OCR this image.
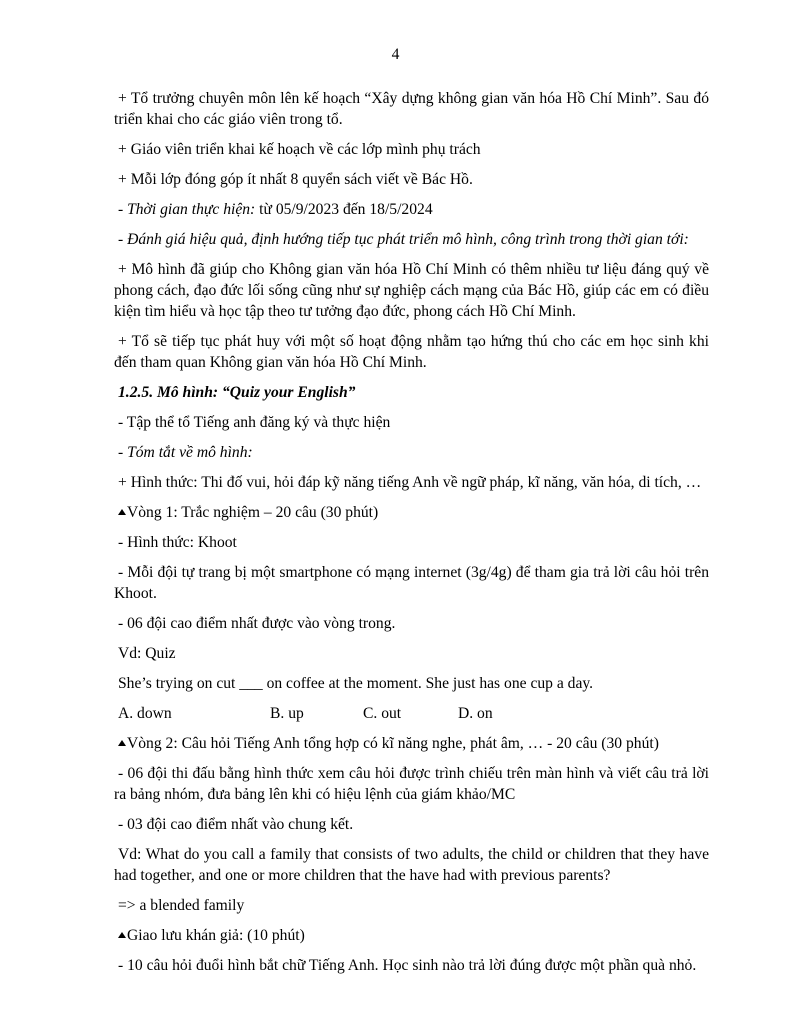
4

+ Tổ trưởng chuyên môn lên kế hoạch “Xây dựng không gian văn hóa Hồ Chí Minh”. Sau đó triển khai cho các giáo viên trong tổ.

+ Giáo viên triển khai kế hoạch về các lớp mình phụ trách

+ Mỗi lớp đóng góp ít nhất 8 quyển sách viết về Bác Hồ.

- Thời gian thực hiện: từ 05/9/2023 đến 18/5/2024

- Đánh giá hiệu quả, định hướng tiếp tục phát triển mô hình, công trình trong thời gian tới:

+ Mô hình đã giúp cho Không gian văn hóa Hồ Chí Minh có thêm nhiều tư liệu đáng quý về phong cách, đạo đức lối sống cũng như sự nghiệp cách mạng của Bác Hồ, giúp các em có điều kiện tìm hiểu và học tập theo tư tưởng đạo đức, phong cách Hồ Chí Minh.

+ Tổ sẽ tiếp tục phát huy với một số hoạt động nhằm tạo hứng thú cho các em học sinh khi đến tham quan Không gian văn hóa Hồ Chí Minh.

1.2.5. Mô hình: “Quiz your English”

- Tập thể tổ Tiếng anh đăng ký và thực hiện

- Tóm tắt về mô hình:

+ Hình thức: Thi đố vui, hỏi đáp kỹ năng tiếng Anh về ngữ pháp, kĩ năng, văn hóa, di tích, …

Vòng 1: Trắc nghiệm – 20 câu (30 phút)

- Hình thức: Khoot

- Mỗi đội tự trang bị một smartphone có mạng internet (3g/4g) để tham gia trả lời câu hỏi trên Khoot.

- 06 đội cao điểm nhất được vào vòng trong.

Vd: Quiz

She’s trying on cut ___ on coffee at the moment. She just has one cup a day.

A. down	B. up	C. out	D. on

Vòng 2: Câu hỏi Tiếng Anh tổng hợp có kĩ năng nghe, phát âm, … - 20 câu (30 phút)

- 06 đội thi đấu bằng hình thức xem câu hỏi được trình chiếu trên màn hình và viết câu trả lời ra bảng nhóm, đưa bảng lên khi có hiệu lệnh của giám khảo/MC

- 03 đội cao điểm nhất vào chung kết.

Vd: What do you call a family that consists of two adults, the child or children that they have had together, and one or more children that the have had with previous parents?

=> a blended family

Giao lưu khán giả: (10 phút)

- 10 câu hỏi đuổi hình bắt chữ Tiếng Anh. Học sinh nào trả lời đúng được một phần quà nhỏ.
